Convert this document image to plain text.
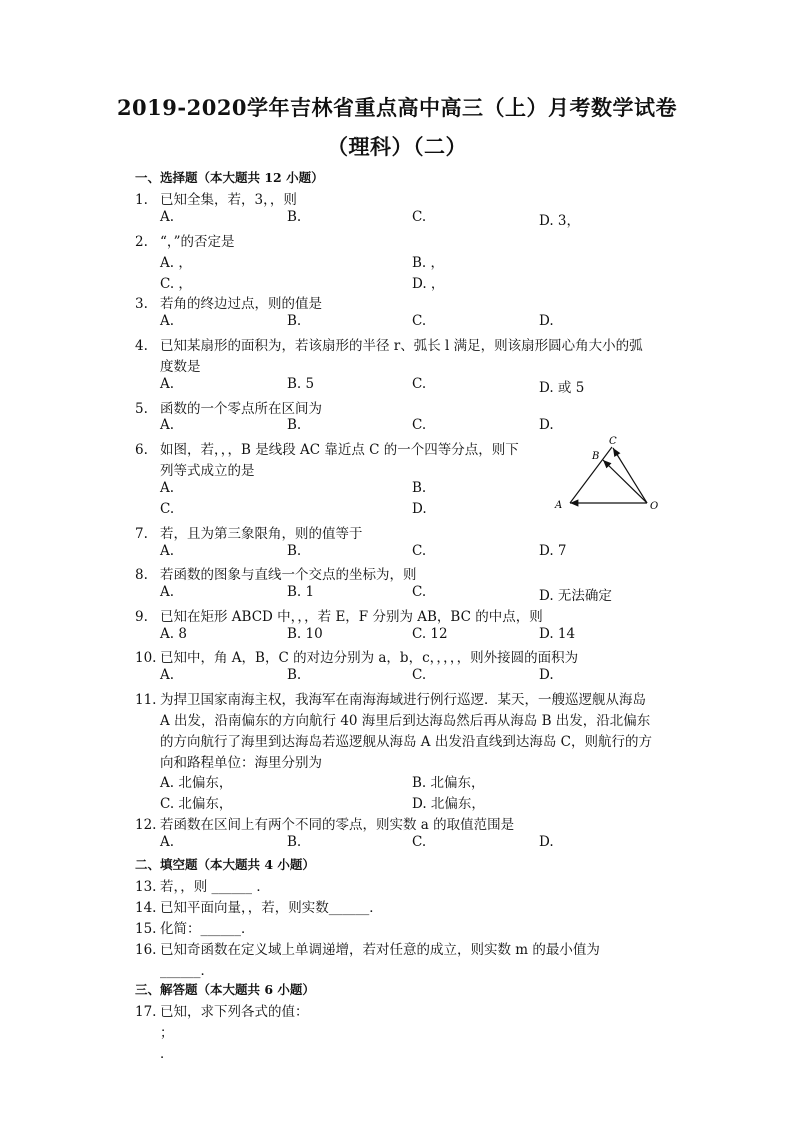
2019-2020学年吉林省重点高中高三（上）月考数学试卷
（理科）（二）
一、选择题（本大题共 12 小题）
1. 已知全集，若，3，，则
A.	B.	C.	D. 3，
2. “，”的否定是
A. ，	B. ，
C. ，	D. ，
3. 若角的终边过点，则的值是
A.	B.	C.	D.
4. 已知某扇形的面积为，若该扇形的半径 r、弧长 l 满足，则该扇形圆心角大小的弧
度数是
A.	B. 5	C.	D. 或 5
5. 函数的一个零点所在区间为
A.	B.	C.	D.
6. 如图，若，，，B 是线段 AC 靠近点 C 的一个四等分点，则下
列等式成立的是
A.	B.
C.	D.	A
B
C
O
7. 若，且为第三象限角，则的值等于
A.	B.	C.	D. 7
8. 若函数的图象与直线一个交点的坐标为，则
A.	B. 1	C.	D. 无法确定
9. 已知在矩形 ABCD 中，，，若 E，F 分别为 AB，BC 的中点，则
A. 8	B. 10	C. 12	D. 14
10. 已知中，角 A，B，C 的对边分别为 a，b，c，，，，，则外接圆的面积为
A.	B.	C.	D.
11. 为捍卫国家南海主权，我海军在南海海域进行例行巡逻．某天，一艘巡逻舰从海岛
A 出发，沿南偏东的方向航行 40 海里后到达海岛然后再从海岛 B 出发，沿北偏东
的方向航行了海里到达海岛若巡逻舰从海岛 A 出发沿直线到达海岛 C，则航行的方
向和路程单位：海里分别为
A. 北偏东，	B. 北偏东，
C. 北偏东，	D. 北偏东，
12. 若函数在区间上有两个不同的零点，则实数 a 的取值范围是
A.	B.	C.	D.
二、填空题（本大题共 4 小题）
13. 若，，则 ______ ．
14. 已知平面向量，，若，则实数______．
15. 化简：______．
16. 已知奇函数在定义域上单调递增，若对任意的成立，则实数 m 的最小值为
______．
三、解答题（本大题共 6 小题）
17. 已知，求下列各式的值：
；
．
